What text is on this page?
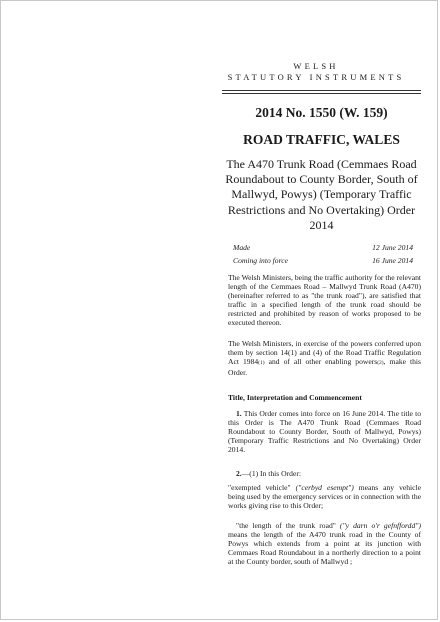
WELSH
STATUTORY INSTRUMENTS
2014 No. 1550 (W. 159)
ROAD TRAFFIC, WALES
The A470 Trunk Road (Cemmaes Road Roundabout to County Border, South of Mallwyd, Powys) (Temporary Traffic Restrictions and No Overtaking) Order 2014
Made	12 June 2014
Coming into force	16 June 2014
The Welsh Ministers, being the traffic authority for the relevant length of the Cemmaes Road – Mallwyd Trunk Road (A470) (hereinafter referred to as "the trunk road"), are satisfied that traffic in a specified length of the trunk road should be restricted and prohibited by reason of works proposed to be executed thereon.
The Welsh Ministers, in exercise of the powers conferred upon them by section 14(1) and (4) of the Road Traffic Regulation Act 1984(1) and of all other enabling powers(2), make this Order.
Title, Interpretation and Commencement
1. This Order comes into force on 16 June 2014. The title to this Order is The A470 Trunk Road (Cemmaes Road Roundabout to County Border, South of Mallwyd, Powys) (Temporary Traffic Restrictions and No Overtaking) Order 2014.
2.—(1) In this Order:
"exempted vehicle" ("cerbyd esempt") means any vehicle being used by the emergency services or in connection with the works giving rise to this Order;
"the length of the trunk road" ("y darn o'r gefnffordd") means the length of the A470 trunk road in the County of Powys which extends from a point at its junction with Cemmaes Road Roundabout in a northerly direction to a point at the County border, south of Mallwyd ;
